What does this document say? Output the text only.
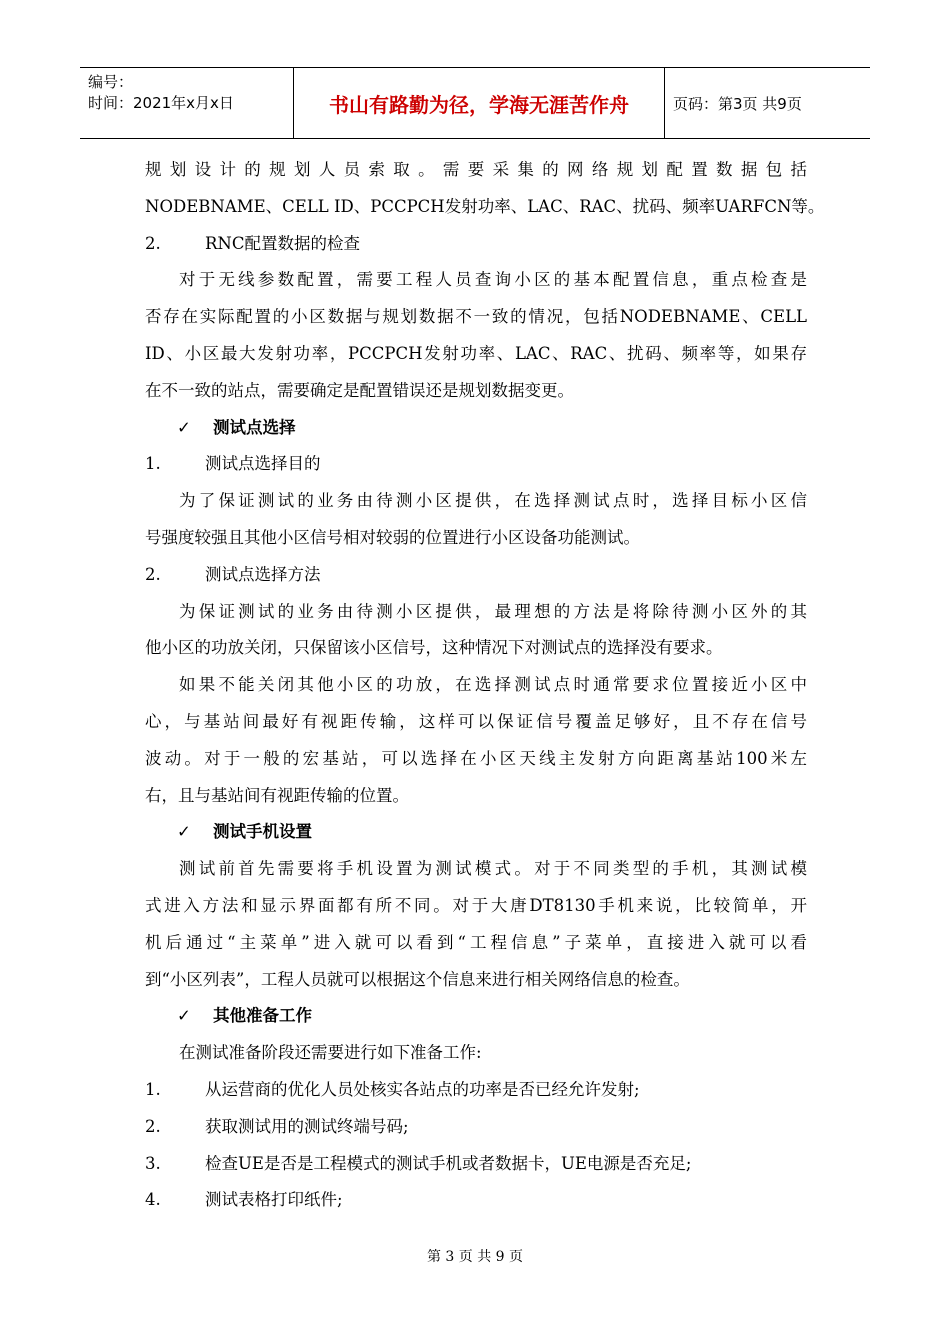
编号：
时间：2021年x月x日	书山有路勤为径，学海无涯苦作舟	页码：第3页 共9页
规划设计的规划人员索取。需要采集的网络规划配置数据包括
NODEBNAME、CELL ID、PCCPCH发射功率、LAC、RAC、扰码、频率UARFCN等。
2.	RNC配置数据的检查
对于无线参数配置，需要工程人员查询小区的基本配置信息，重点检查是
否存在实际配置的小区数据与规划数据不一致的情况，包括NODEBNAME、CELL
ID、小区最大发射功率，PCCPCH发射功率、LAC、RAC、扰码、频率等，如果存
在不一致的站点，需要确定是配置错误还是规划数据变更。
✓ 测试点选择
1.	测试点选择目的
为了保证测试的业务由待测小区提供，在选择测试点时，选择目标小区信
号强度较强且其他小区信号相对较弱的位置进行小区设备功能测试。
2.	测试点选择方法
为保证测试的业务由待测小区提供，最理想的方法是将除待测小区外的其
他小区的功放关闭，只保留该小区信号，这种情况下对测试点的选择没有要求。
如果不能关闭其他小区的功放，在选择测试点时通常要求位置接近小区中
心，与基站间最好有视距传输，这样可以保证信号覆盖足够好，且不存在信号
波动。对于一般的宏基站，可以选择在小区天线主发射方向距离基站100米左
右，且与基站间有视距传输的位置。
✓ 测试手机设置
测试前首先需要将手机设置为测试模式。对于不同类型的手机，其测试模
式进入方法和显示界面都有所不同。对于大唐DT8130手机来说，比较简单，开
机后通过“主菜单”进入就可以看到“工程信息”子菜单，直接进入就可以看
到“小区列表”，工程人员就可以根据这个信息来进行相关网络信息的检查。
✓ 其他准备工作
在测试准备阶段还需要进行如下准备工作:
1.	从运营商的优化人员处核实各站点的功率是否已经允许发射;
2.	获取测试用的测试终端号码;
3.	检查UE是否是工程模式的测试手机或者数据卡，UE电源是否充足;
4.	测试表格打印纸件;
第 3 页 共 9 页
